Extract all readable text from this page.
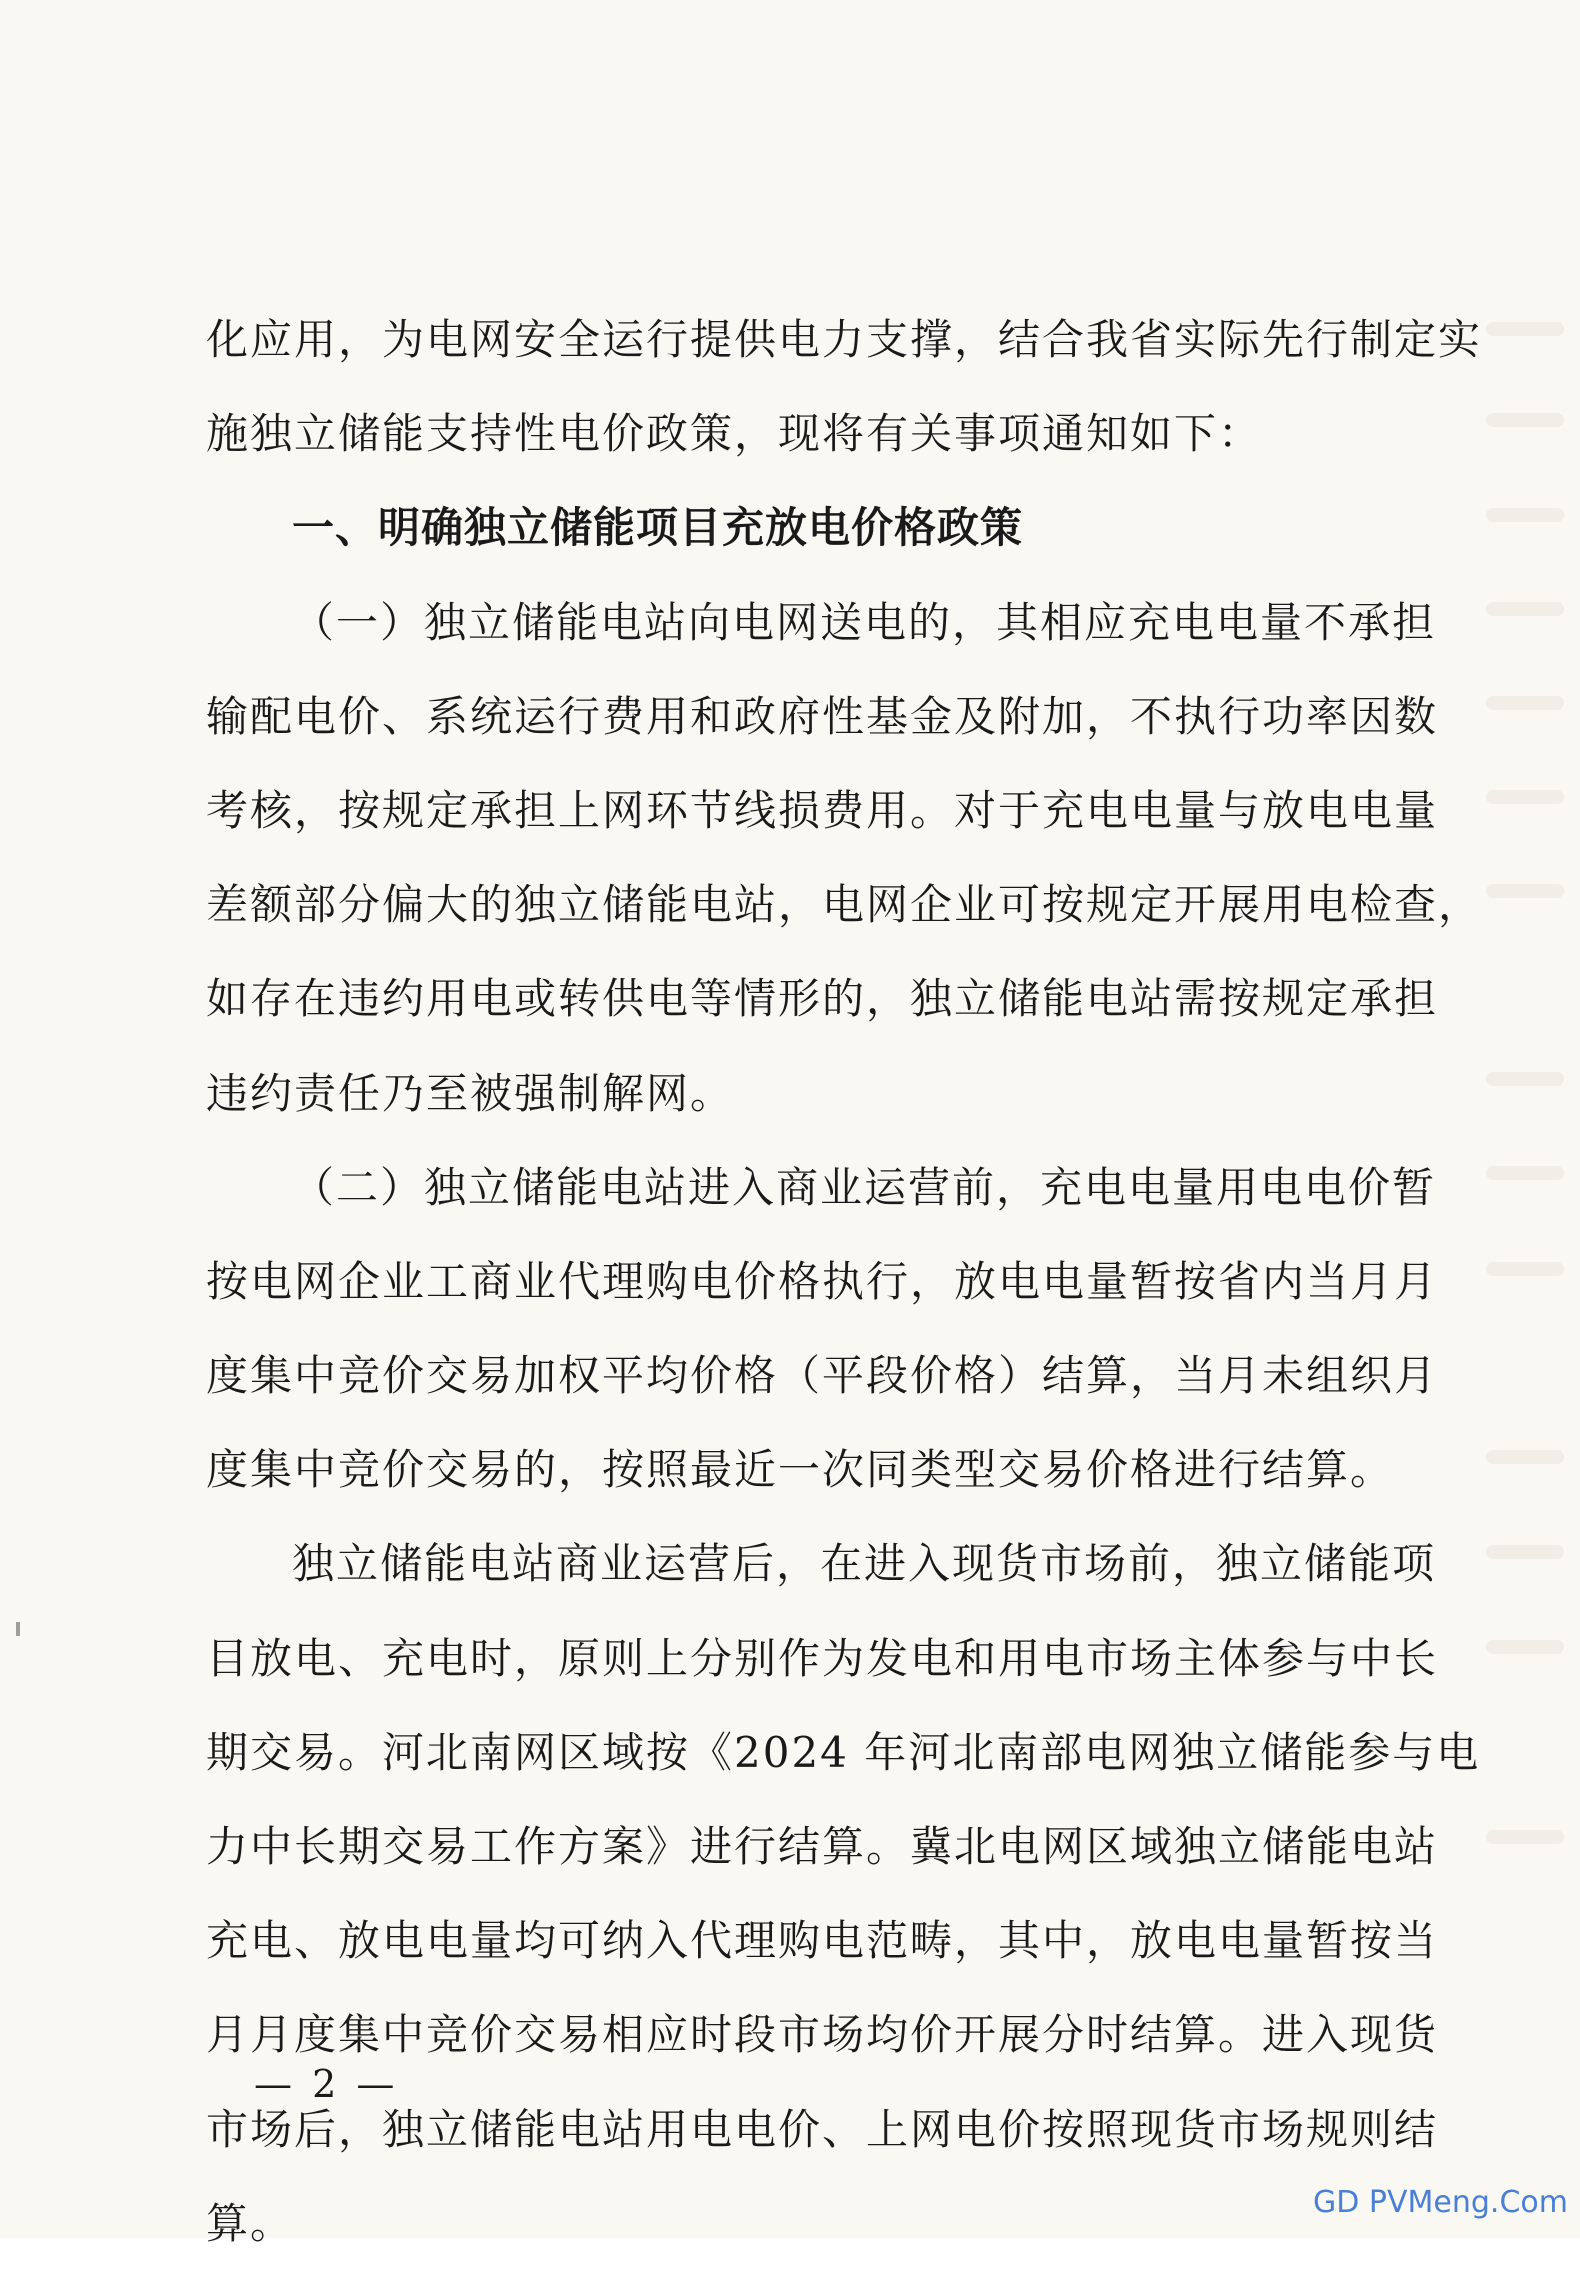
化应用，为电网安全运行提供电力支撑，结合我省实际先行制定实
施独立储能支持性电价政策，现将有关事项通知如下：
一、明确独立储能项目充放电价格政策
（一）独立储能电站向电网送电的，其相应充电电量不承担
输配电价、系统运行费用和政府性基金及附加，不执行功率因数
考核，按规定承担上网环节线损费用。对于充电电量与放电电量
差额部分偏大的独立储能电站，电网企业可按规定开展用电检查，
如存在违约用电或转供电等情形的，独立储能电站需按规定承担
违约责任乃至被强制解网。
（二）独立储能电站进入商业运营前，充电电量用电电价暂
按电网企业工商业代理购电价格执行，放电电量暂按省内当月月
度集中竞价交易加权平均价格（平段价格）结算，当月未组织月
度集中竞价交易的，按照最近一次同类型交易价格进行结算。
独立储能电站商业运营后，在进入现货市场前，独立储能项
目放电、充电时，原则上分别作为发电和用电市场主体参与中长
期交易。河北南网区域按《2024 年河北南部电网独立储能参与电
力中长期交易工作方案》进行结算。冀北电网区域独立储能电站
充电、放电电量均可纳入代理购电范畴，其中，放电电量暂按当
月月度集中竞价交易相应时段市场均价开展分时结算。进入现货
市场后，独立储能电站用电电价、上网电价按照现货市场规则结
算。
— 2 —
GD PVMeng.Com
